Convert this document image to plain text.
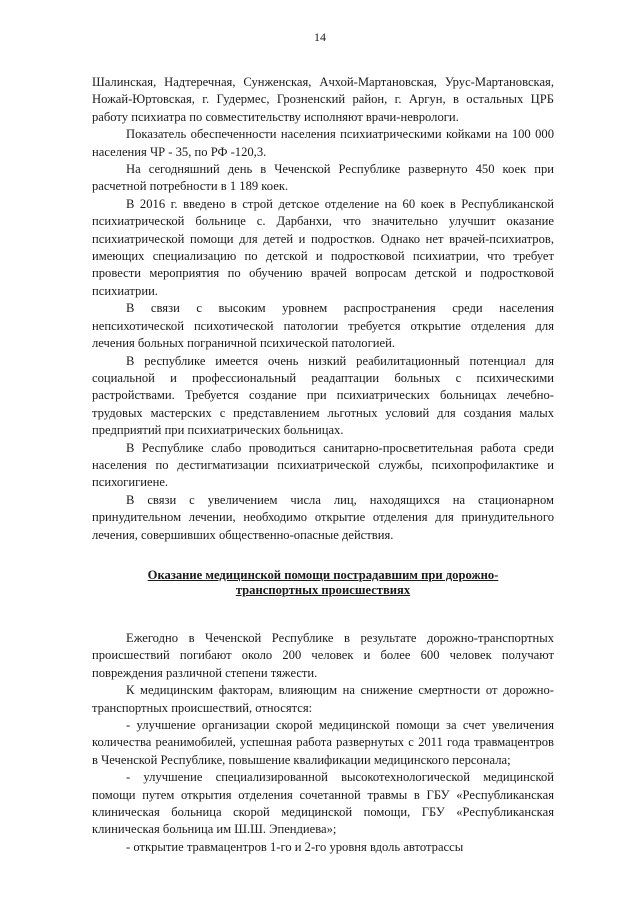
14

Шалинская, Надтеречная, Сунженская, Ачхой-Мартановская, Урус-Мартановская, Ножай-Юртовская, г. Гудермес, Грозненский район, г. Аргун, в остальных ЦРБ работу психиатра по совместительству исполняют врачи-неврологи.

Показатель обеспеченности населения психиатрическими койками на 100 000 населения ЧР - 35, по РФ -120,3.

На сегодняшний день в Чеченской Республике развернуто 450 коек при расчетной потребности в 1 189 коек.

В 2016 г. введено в строй детское отделение на 60 коек в Республиканской психиатрической больнице с. Дарбанхи, что значительно улучшит оказание психиатрической помощи для детей и подростков. Однако нет врачей-психиатров, имеющих специализацию по детской и подростковой психиатрии, что требует провести мероприятия по обучению врачей вопросам детской и подростковой психиатрии.

В связи с высоким уровнем распространения среди населения непсихотической психотической патологии требуется открытие отделения для лечения больных пограничной психической патологией.

В республике имеется очень низкий реабилитационный потенциал для социальной и профессиональный реадаптации больных с психическими растройствами. Требуется создание при психиатрических больницах лечебно-трудовых мастерских с представлением льготных условий для создания малых предприятий при психиатрических больницах.

В Республике слабо проводиться санитарно-просветительная работа среди населения по дестигматизации психиатрической службы, психопрофилактике и психогигиене.

В связи с увеличением числа лиц, находящихся на стационарном принудительном лечении, необходимо открытие отделения для принудительного лечения, совершивших общественно-опасные действия.

Оказание медицинской помощи пострадавшим при дорожно-
транспортных происшествиях

Ежегодно в Чеченской Республике в результате дорожно-транспортных происшествий погибают около 200 человек и более 600 человек получают повреждения различной степени тяжести.

К медицинским факторам, влияющим на снижение смертности от дорожно-транспортных происшествий, относятся:

- улучшение организации скорой медицинской помощи за счет увеличения количества реанимобилей, успешная работа развернутых с 2011 года травмацентров в Чеченской Республике, повышение квалификации медицинского персонала;

- улучшение специализированной высокотехнологической медицинской помощи путем открытия отделения сочетанной травмы в ГБУ «Республиканская клиническая больница скорой медицинской помощи, ГБУ «Республиканская клиническая больница им Ш.Ш. Эпендиева»;

- открытие травмацентров 1-го и 2-го уровня вдоль автотрассы
